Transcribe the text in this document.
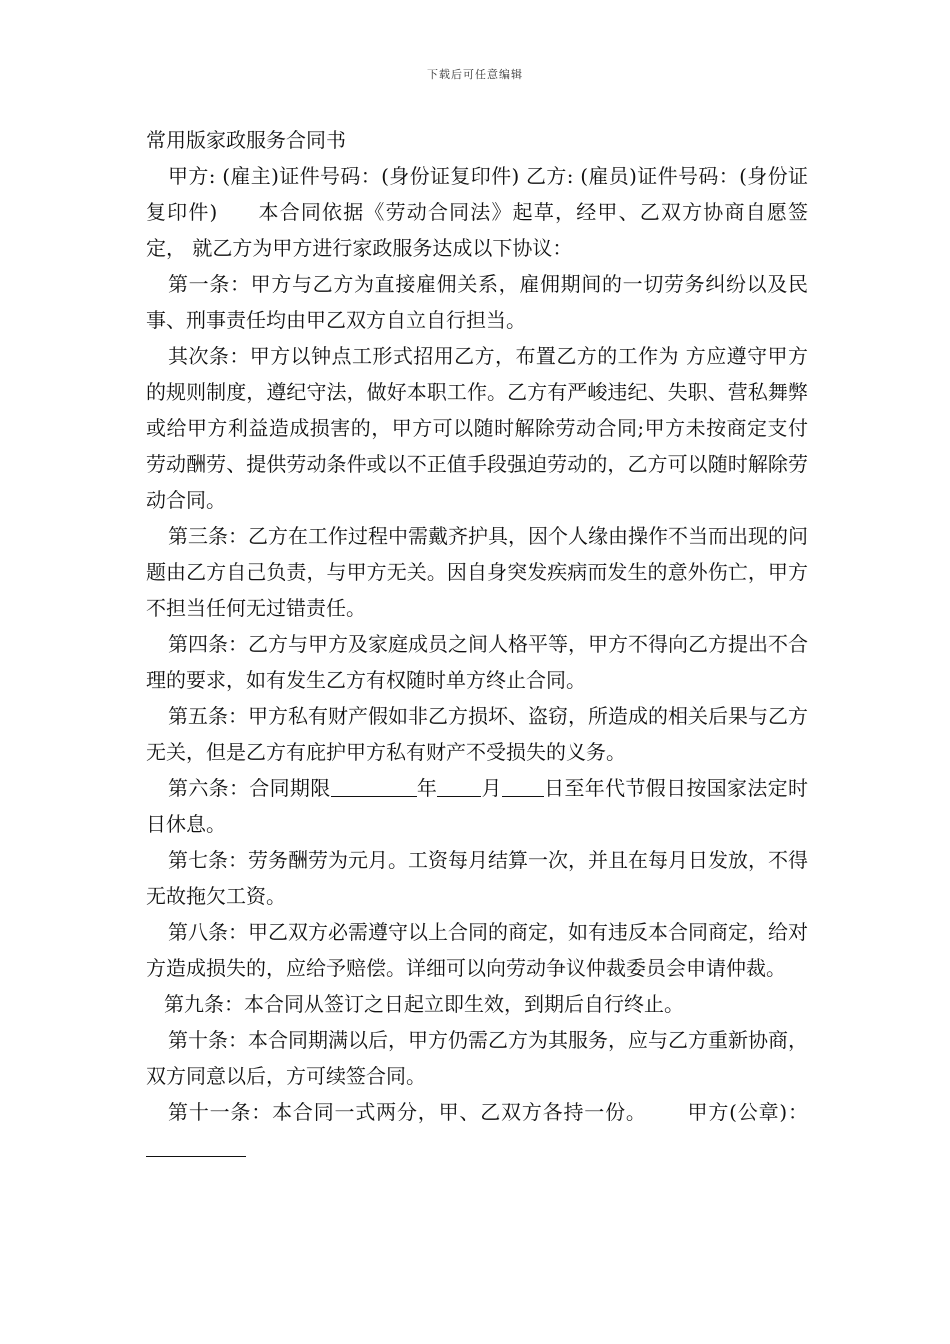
下载后可任意编辑

常用版家政服务合同书

甲方: (雇主)证件号码：(身份证复印件) 乙方: (雇员)证件号码：(身份证复印件) 本合同依据《劳动合同法》起草，经甲、乙双方协商自愿签定， 就乙方为甲方进行家政服务达成以下协议：

第一条：甲方与乙方为直接雇佣关系，雇佣期间的一切劳务纠纷以及民事、刑事责任均由甲乙双方自立自行担当。

其次条：甲方以钟点工形式招用乙方，布置乙方的工作为 方应遵守甲方的规则制度，遵纪守法，做好本职工作。乙方有严峻违纪、失职、营私舞弊或给甲方利益造成损害的，甲方可以随时解除劳动合同;甲方未按商定支付劳动酬劳、提供劳动条件或以不正值手段强迫劳动的，乙方可以随时解除劳动合同。

第三条：乙方在工作过程中需戴齐护具，因个人缘由操作不当而出现的问题由乙方自己负责，与甲方无关。因自身突发疾病而发生的意外伤亡，甲方不担当任何无过错责任。

第四条：乙方与甲方及家庭成员之间人格平等，甲方不得向乙方提出不合理的要求，如有发生乙方有权随时单方终止合同。

第五条：甲方私有财产假如非乙方损坏、盗窃，所造成的相关后果与乙方无关，但是乙方有庇护甲方私有财产不受损失的义务。

第六条：合同期限	年 月 日至年代节假日按国家法定时日休息。

第七条：劳务酬劳为元月。工资每月结算一次，并且在每月日发放，不得无故拖欠工资。

第八条：甲乙双方必需遵守以上合同的商定，如有违反本合同商定，给对方造成损失的，应给予赔偿。详细可以向劳动争议仲裁委员会申请仲裁。

第九条：本合同从签订之日起立即生效，到期后自行终止。

第十条：本合同期满以后，甲方仍需乙方为其服务，应与乙方重新协商，双方同意以后，方可续签合同。

第十一条：本合同一式两分，甲、乙双方各持一份。 甲方(公章)：
